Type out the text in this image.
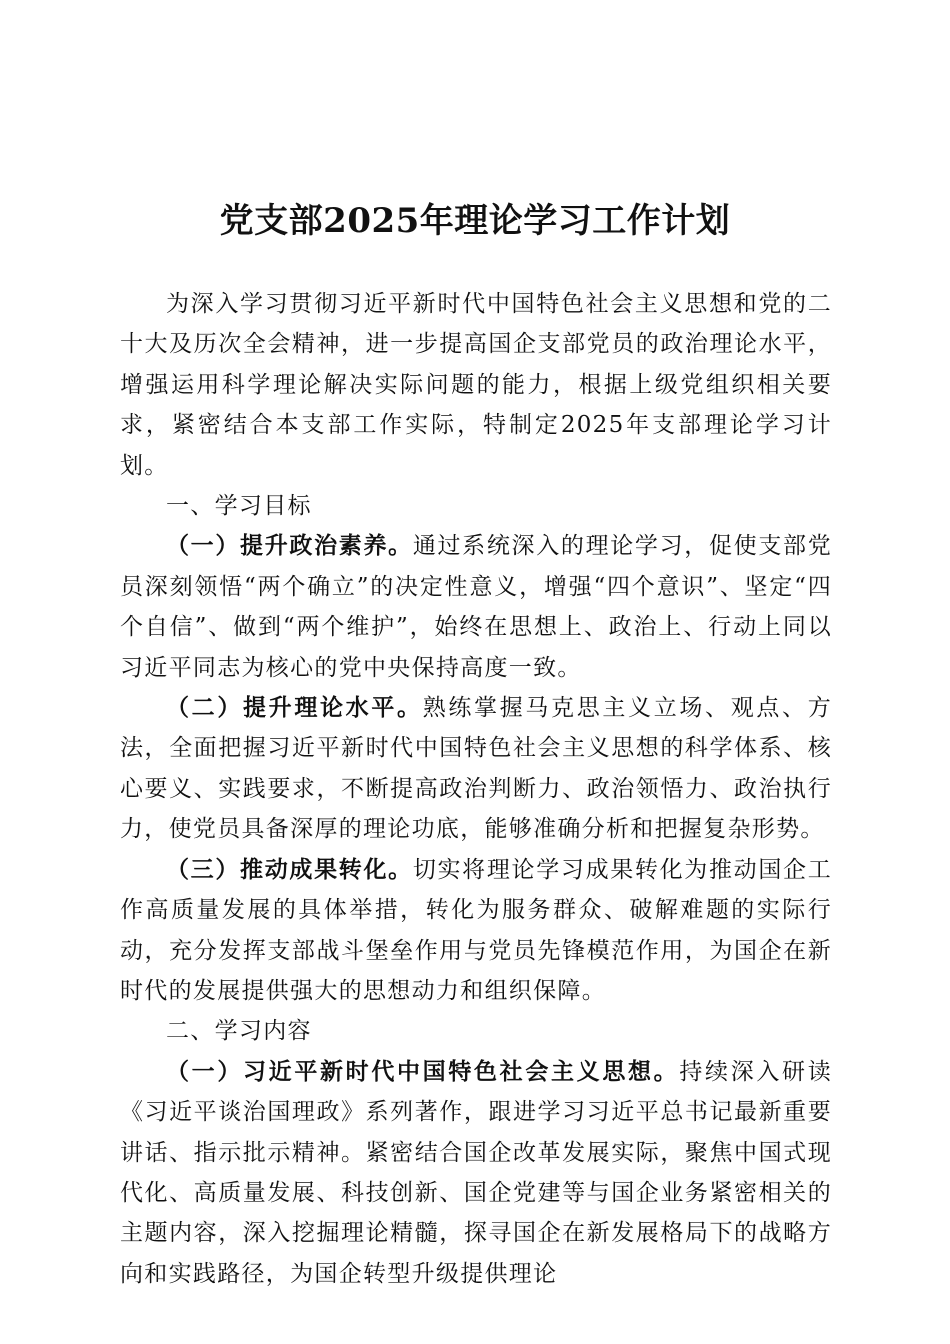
党支部2025年理论学习工作计划

为深入学习贯彻习近平新时代中国特色社会主义思想和党的二十大及历次全会精神，进一步提高国企支部党员的政治理论水平，增强运用科学理论解决实际问题的能力，根据上级党组织相关要求，紧密结合本支部工作实际，特制定2025年支部理论学习计划。

一、学习目标

（一）提升政治素养。通过系统深入的理论学习，促使支部党员深刻领悟“两个确立”的决定性意义，增强“四个意识”、坚定“四个自信”、做到“两个维护”，始终在思想上、政治上、行动上同以习近平同志为核心的党中央保持高度一致。

（二）提升理论水平。熟练掌握马克思主义立场、观点、方法，全面把握习近平新时代中国特色社会主义思想的科学体系、核心要义、实践要求，不断提高政治判断力、政治领悟力、政治执行力，使党员具备深厚的理论功底，能够准确分析和把握复杂形势。

（三）推动成果转化。切实将理论学习成果转化为推动国企工作高质量发展的具体举措，转化为服务群众、破解难题的实际行动，充分发挥支部战斗堡垒作用与党员先锋模范作用，为国企在新时代的发展提供强大的思想动力和组织保障。

二、学习内容

（一）习近平新时代中国特色社会主义思想。持续深入研读《习近平谈治国理政》系列著作，跟进学习习近平总书记最新重要讲话、指示批示精神。紧密结合国企改革发展实际，聚焦中国式现代化、高质量发展、科技创新、国企党建等与国企业务紧密相关的主题内容，深入挖掘理论精髓，探寻国企在新发展格局下的战略方向和实践路径，为国企转型升级提供理论
